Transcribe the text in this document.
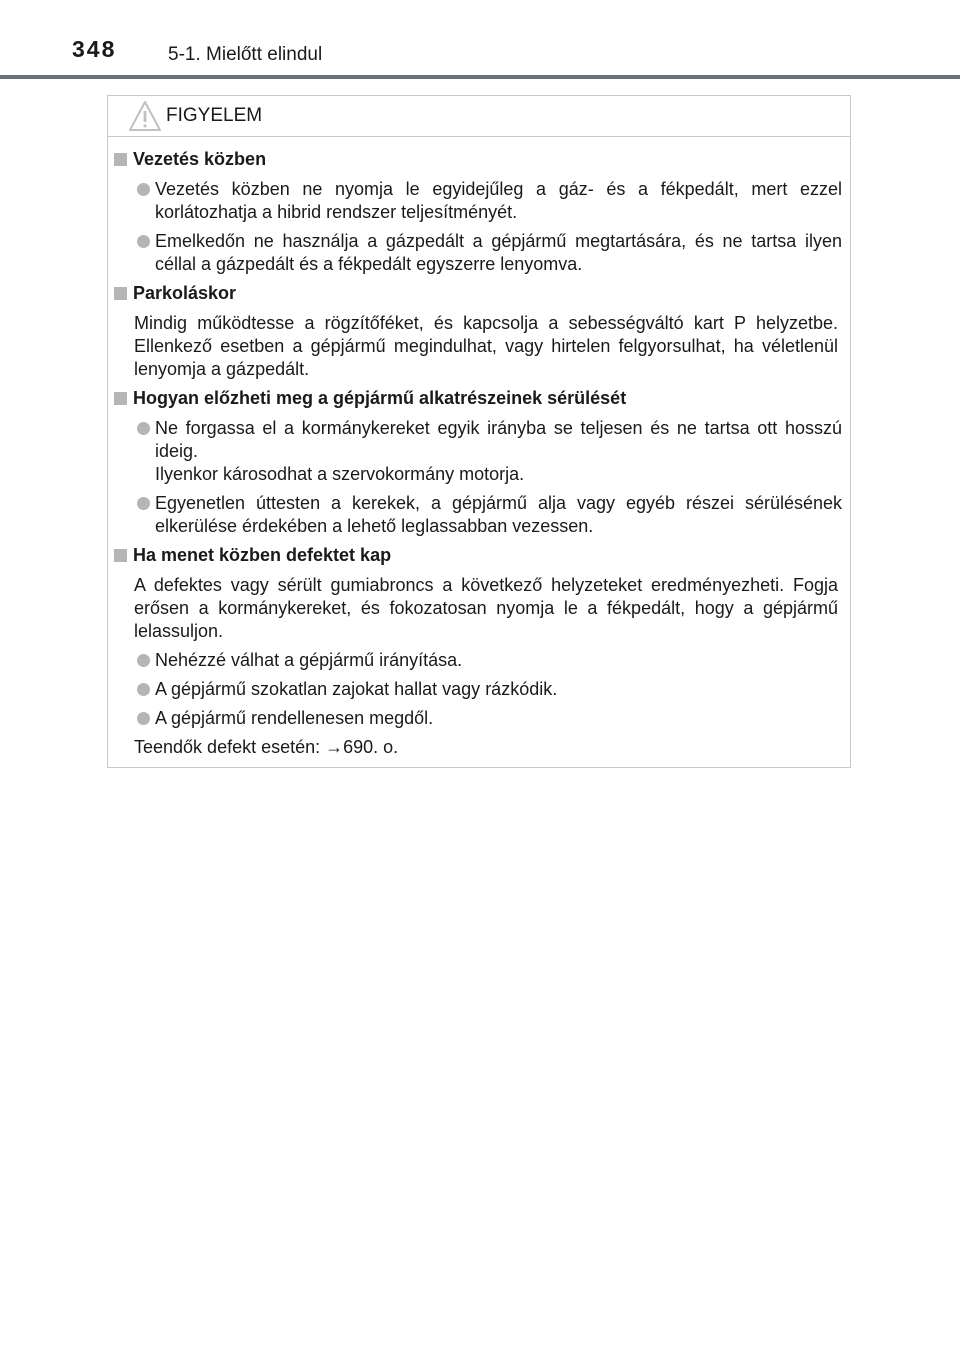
348	5-1. Mielőtt elindul
FIGYELEM
Vezetés közben
Vezetés közben ne nyomja le egyidejűleg a gáz- és a fékpedált, mert ezzel korlátozhatja a hibrid rendszer teljesítményét.
Emelkedőn ne használja a gázpedált a gépjármű megtartására, és ne tartsa ilyen céllal a gázpedált és a fékpedált egyszerre lenyomva.
Parkoláskor
Mindig működtesse a rögzítőféket, és kapcsolja a sebességváltó kart P helyzetbe. Ellenkező esetben a gépjármű megindulhat, vagy hirtelen felgyorsulhat, ha véletlenül lenyomja a gázpedált.
Hogyan előzheti meg a gépjármű alkatrészeinek sérülését
Ne forgassa el a kormánykereket egyik irányba se teljesen és ne tartsa ott hosszú ideig.
Ilyenkor károsodhat a szervokormány motorja.
Egyenetlen úttesten a kerekek, a gépjármű alja vagy egyéb részei sérülésének elkerülése érdekében a lehető leglassabban vezessen.
Ha menet közben defektet kap
A defektes vagy sérült gumiabroncs a következő helyzeteket eredményezheti. Fogja erősen a kormánykereket, és fokozatosan nyomja le a fékpedált, hogy a gépjármű lelassuljon.
Nehézzé válhat a gépjármű irányítása.
A gépjármű szokatlan zajokat hallat vagy rázkódik.
A gépjármű rendellenesen megdől.
Teendők defekt esetén: →690. o.
